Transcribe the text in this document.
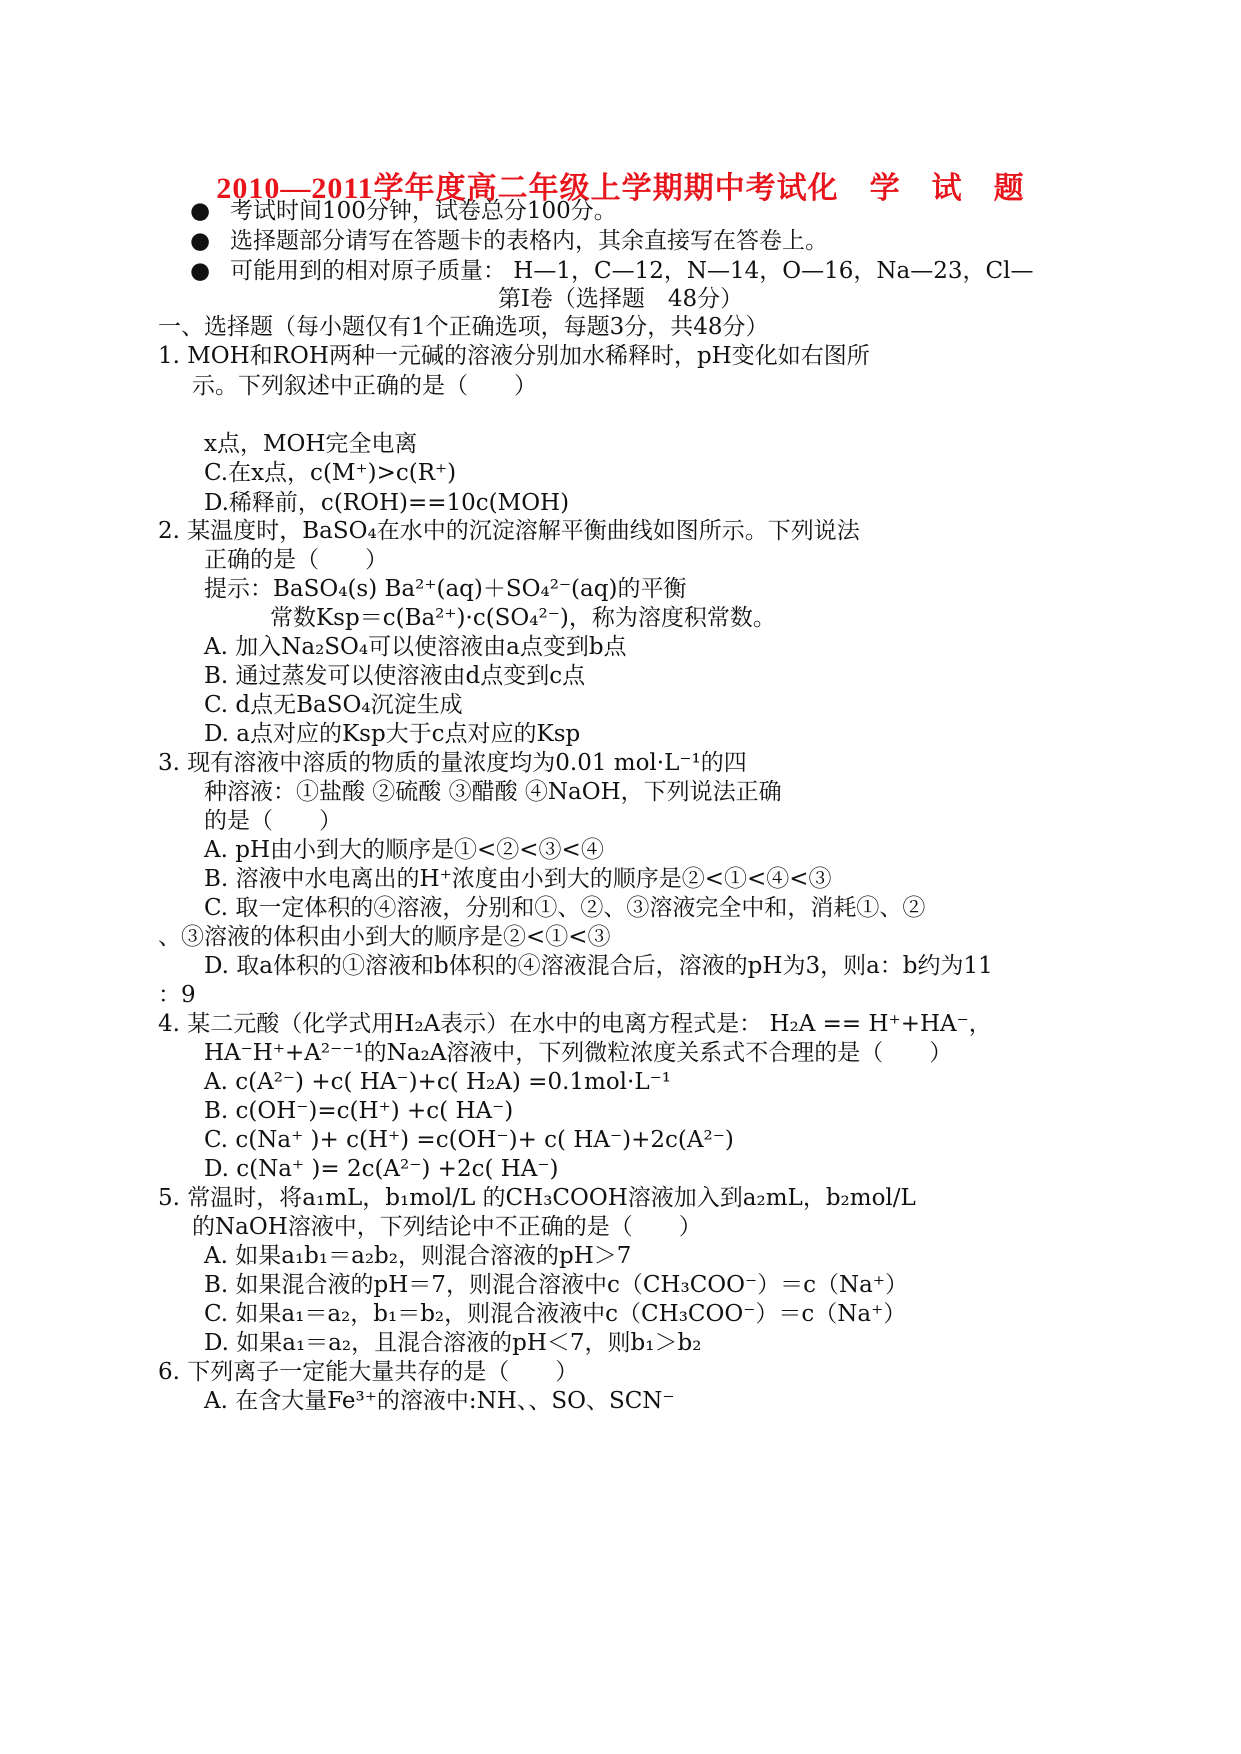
2010—2011学年度高二年级上学期期中考试化　学　试　题
● 考试时间100分钟，试卷总分100分。
● 选择题部分请写在答题卡的表格内，其余直接写在答卷上。
● 可能用到的相对原子质量： H—1，C—12，N—14，O—16，Na—23，Cl—
第Ⅰ卷（选择题　48分）
一、选择题（每小题仅有1个正确选项，每题3分，共48分）
1. MOH和ROH两种一元碱的溶液分别加水稀释时，pH变化如右图所
示。下列叙述中正确的是（　　）
x点，MOH完全电离
C.在x点，c(M⁺)>c(R⁺)
D.稀释前，c(ROH)==10c(MOH)
2. 某温度时，BaSO₄在水中的沉淀溶解平衡曲线如图所示。下列说法
正确的是（　　）
提示：BaSO₄(s) Ba²⁺(aq)＋SO₄²⁻(aq)的平衡
常数Ksp＝c(Ba²⁺)·c(SO₄²⁻)，称为溶度积常数。
A. 加入Na₂SO₄可以使溶液由a点变到b点
B. 通过蒸发可以使溶液由d点变到c点
C. d点无BaSO₄沉淀生成
D. a点对应的Ksp大于c点对应的Ksp
3. 现有溶液中溶质的物质的量浓度均为0.01 mol·L⁻¹的四
种溶液：①盐酸 ②硫酸 ③醋酸 ④NaOH，下列说法正确
的是（　　）
A. pH由小到大的顺序是①<②<③<④
B. 溶液中水电离出的H⁺浓度由小到大的顺序是②<①<④<③
C. 取一定体积的④溶液，分别和①、②、③溶液完全中和，消耗①、②
、③溶液的体积由小到大的顺序是②<①<③
D. 取a体积的①溶液和b体积的④溶液混合后，溶液的pH为3，则a：b约为11
：9
4. 某二元酸（化学式用H₂A表示）在水中的电离方程式是： H₂A == H⁺+HA⁻，
HA⁻H⁺+A²⁻⁻¹的Na₂A溶液中，下列微粒浓度关系式不合理的是（　　）
A. c(A²⁻) +c( HA⁻)+c( H₂A) =0.1mol·L⁻¹
B. c(OH⁻)=c(H⁺) +c( HA⁻)
C. c(Na⁺ )+ c(H⁺) =c(OH⁻)+ c( HA⁻)+2c(A²⁻)
D. c(Na⁺ )= 2c(A²⁻) +2c( HA⁻)
5. 常温时，将a₁mL，b₁mol/L 的CH₃COOH溶液加入到a₂mL，b₂mol/L
的NaOH溶液中，下列结论中不正确的是（　　）
A. 如果a₁b₁＝a₂b₂，则混合溶液的pH＞7
B. 如果混合液的pH＝7，则混合溶液中c（CH₃COO⁻）＝c（Na⁺）
C. 如果a₁＝a₂，b₁＝b₂，则混合液液中c（CH₃COO⁻）＝c（Na⁺）
D. 如果a₁＝a₂，且混合溶液的pH＜7，则b₁＞b₂
6. 下列离子一定能大量共存的是（　　）
A. 在含大量Fe³⁺的溶液中:NH、、SO、SCN⁻
